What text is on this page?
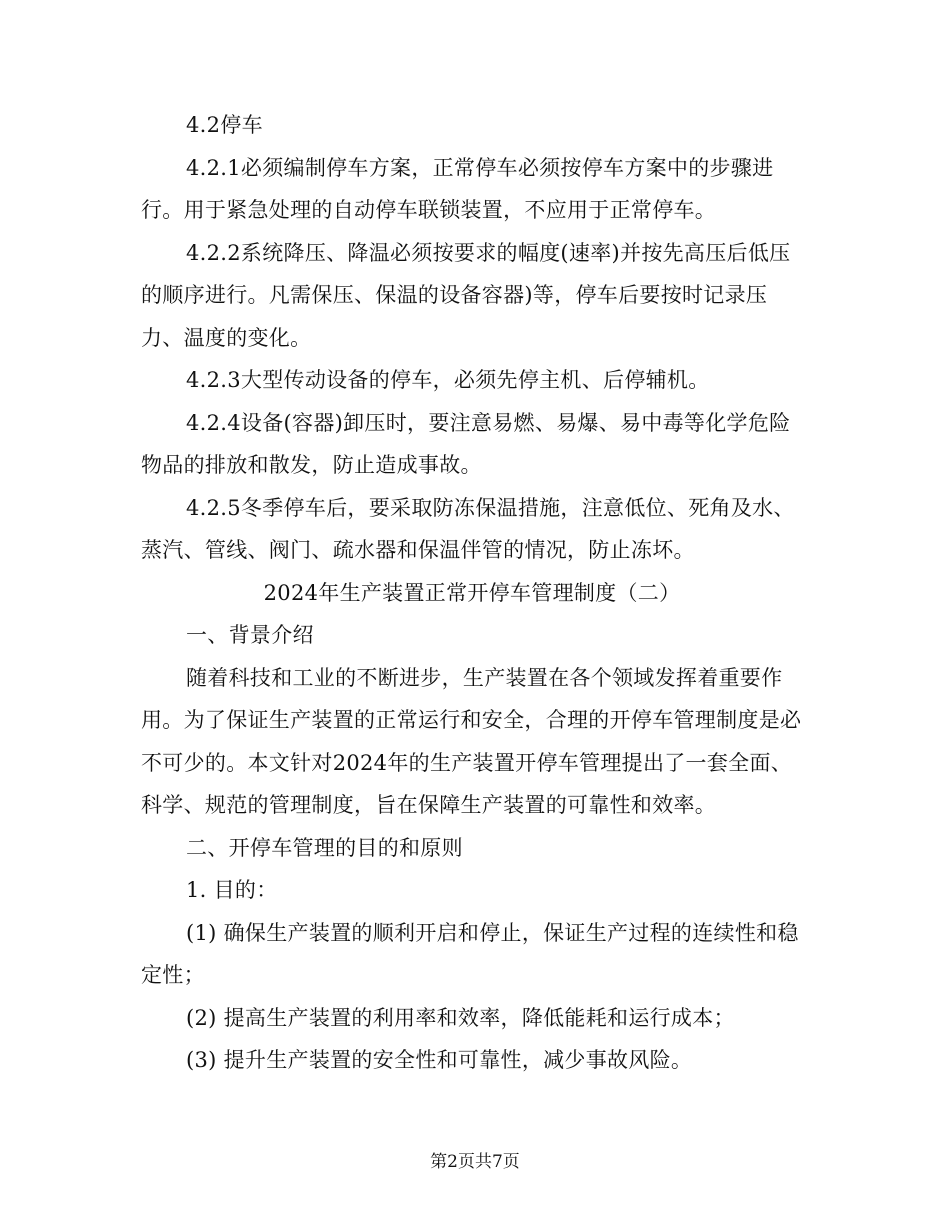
4.2停车

4.2.1必须编制停车方案，正常停车必须按停车方案中的步骤进行。用于紧急处理的自动停车联锁装置，不应用于正常停车。

4.2.2系统降压、降温必须按要求的幅度(速率)并按先高压后低压的顺序进行。凡需保压、保温的设备容器)等，停车后要按时记录压力、温度的变化。

4.2.3大型传动设备的停车，必须先停主机、后停辅机。

4.2.4设备(容器)卸压时，要注意易燃、易爆、易中毒等化学危险物品的排放和散发，防止造成事故。

4.2.5冬季停车后，要采取防冻保温措施，注意低位、死角及水、蒸汽、管线、阀门、疏水器和保温伴管的情况，防止冻坏。

2024年生产装置正常开停车管理制度（二）

一、背景介绍

随着科技和工业的不断进步，生产装置在各个领域发挥着重要作用。为了保证生产装置的正常运行和安全，合理的开停车管理制度是必不可少的。本文针对2024年的生产装置开停车管理提出了一套全面、科学、规范的管理制度，旨在保障生产装置的可靠性和效率。

二、开停车管理的目的和原则

1. 目的：

(1) 确保生产装置的顺利开启和停止，保证生产过程的连续性和稳定性；

(2) 提高生产装置的利用率和效率，降低能耗和运行成本；

(3) 提升生产装置的安全性和可靠性，减少事故风险。

第2页共7页
